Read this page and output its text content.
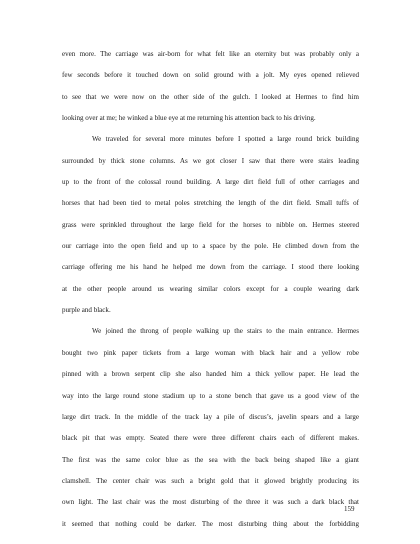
even more. The carriage was air-born for what felt like an eternity but was probably only a
few seconds before it touched down on solid ground with a jolt. My eyes opened relieved
to see that we were now on the other side of the gulch. I looked at Hermes to find him
looking over at me; he winked a blue eye at me returning his attention back to his driving.
We traveled for several more minutes before I spotted a large round brick building
surrounded by thick stone columns. As we got closer I saw that there were stairs leading
up to the front of the colossal round building. A large dirt field full of other carriages and
horses that had been tied to metal poles stretching the length of the dirt field. Small tuffs of
grass were sprinkled throughout the large field for the horses to nibble on. Hermes steered
our carriage into the open field and up to a space by the pole. He climbed down from the
carriage offering me his hand he helped me down from the carriage. I stood there looking
at the other people around us wearing similar colors except for a couple wearing dark
purple and black.
We joined the throng of people walking up the stairs to the main entrance. Hermes
bought two pink paper tickets from a large woman with black hair and a yellow robe
pinned with a brown serpent clip she also handed him a thick yellow paper. He lead the
way into the large round stone stadium up to a stone bench that gave us a good view of the
large dirt track. In the middle of the track lay a pile of discus’s, javelin spears and a large
black pit that was empty. Seated there were three different chairs each of different makes.
The first was the same color blue as the sea with the back being shaped like a giant
clamshell. The center chair was such a bright gold that it glowed brightly producing its
own light. The last chair was the most disturbing of the three it was such a dark black that
it seemed that nothing could be darker. The most disturbing thing about the forbidding
159
